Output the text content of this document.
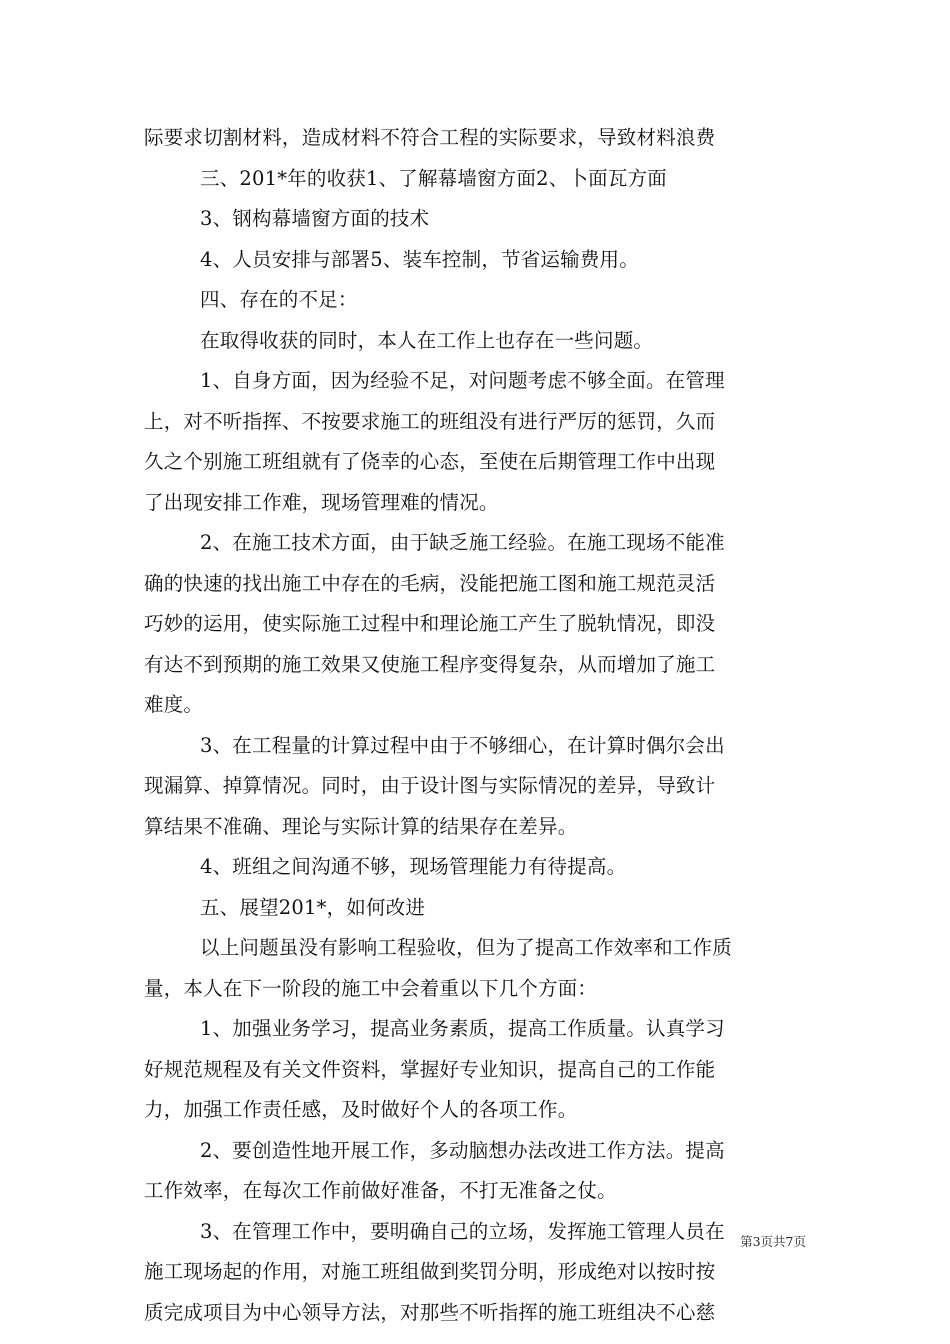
际要求切割材料，造成材料不符合工程的实际要求，导致材料浪费
三、201*年的收获1、了解幕墙窗方面2、卜面瓦方面
3、钢构幕墙窗方面的技术
4、人员安排与部署5、装车控制，节省运输费用。
四、存在的不足：
在取得收获的同时，本人在工作上也存在一些问题。
1、自身方面，因为经验不足，对问题考虑不够全面。在管理
上，对不听指挥、不按要求施工的班组没有进行严厉的惩罚，久而
久之个别施工班组就有了侥幸的心态，至使在后期管理工作中出现
了出现安排工作难，现场管理难的情况。
2、在施工技术方面，由于缺乏施工经验。在施工现场不能准
确的快速的找出施工中存在的毛病，没能把施工图和施工规范灵活
巧妙的运用，使实际施工过程中和理论施工产生了脱轨情况，即没
有达不到预期的施工效果又使施工程序变得复杂，从而增加了施工
难度。
3、在工程量的计算过程中由于不够细心，在计算时偶尔会出
现漏算、掉算情况。同时，由于设计图与实际情况的差异，导致计
算结果不准确、理论与实际计算的结果存在差异。
4、班组之间沟通不够，现场管理能力有待提高。
五、展望201*，如何改进
以上问题虽没有影响工程验收，但为了提高工作效率和工作质
量，本人在下一阶段的施工中会着重以下几个方面：
1、加强业务学习，提高业务素质，提高工作质量。认真学习
好规范规程及有关文件资料，掌握好专业知识，提高自己的工作能
力，加强工作责任感，及时做好个人的各项工作。
2、要创造性地开展工作，多动脑想办法改进工作方法。提高
工作效率，在每次工作前做好准备，不打无准备之仗。
3、在管理工作中，要明确自己的立场，发挥施工管理人员在
施工现场起的作用，对施工班组做到奖罚分明，形成绝对以按时按
质完成项目为中心领导方法，对那些不听指挥的施工班组决不心慈
第3页共7页
